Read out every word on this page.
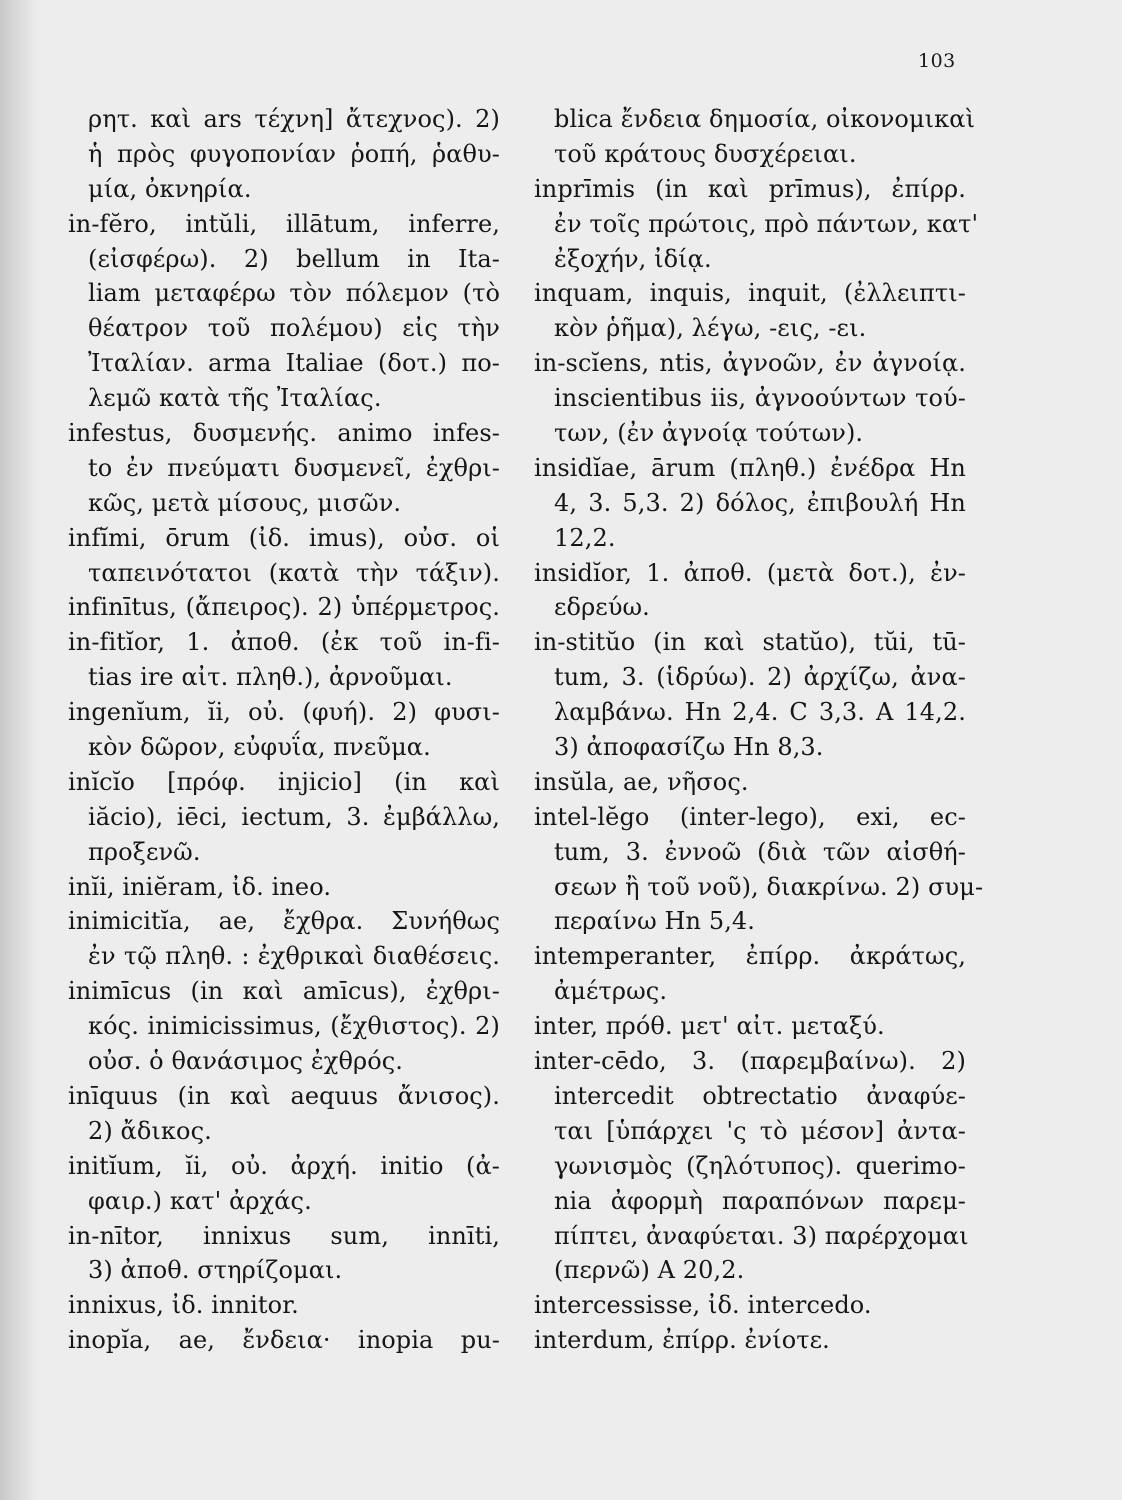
103
ρητ. καὶ ars τέχνη] ἄτεχνος). 2)
ἡ πρὸς φυγοπονίαν ῥοπή, ῥαθυ-
μία, ὀκνηρία.
in-fĕro, intŭli, illātum, inferre,
(εἰσφέρω). 2) bellum in Ita-
liam μεταφέρω τὸν πόλεμον (τὸ
θέατρον τοῦ πολέμου) εἰς τὴν
Ἰταλίαν. arma Italiae (δοτ.) πο-
λεμῶ κατὰ τῆς Ἰταλίας.
infestus, δυσμενής. animo infes-
to ἐν πνεύματι δυσμενεῖ, ἐχθρι-
κῶς, μετὰ μίσους, μισῶν.
infĭmi, ōrum (ἰδ. imus), οὐσ. οἱ
ταπεινότατοι (κατὰ τὴν τάξιν).
infinītus, (ἄπειρος). 2) ὑπέρμετρος.
in-fitĭor, 1. ἀποθ. (ἐκ τοῦ in-fi-
tias ire αἰτ. πληθ.), ἀρνοῦμαι.
ingenĭum, ĭi, οὐ. (φυή). 2) φυσι-
κὸν δῶρον, εὐφυΐα, πνεῦμα.
inĭcĭo [πρόφ. injicio] (in καὶ
iăcio), iēci, iectum, 3. ἐμβάλλω,
προξενῶ.
inĭi, iniĕram, ἰδ. ineo.
inimicitĭa, ae, ἔχθρα. Συνήθως
ἐν τῷ πληθ. : ἐχθρικαὶ διαθέσεις.
inimīcus (in καὶ amīcus), ἐχθρι-
κός. inimicissimus, (ἔχθιστος). 2)
οὐσ. ὁ θανάσιμος ἐχθρός.
inīquus (in καὶ aequus ἄνισος).
2) ἄδικος.
initĭum, ĭi, οὐ. ἀρχή. initio (ἀ-
φαιρ.) κατ' ἀρχάς.
in-nītor, innixus sum, innīti,
3) ἀποθ. στηρίζομαι.
innixus, ἰδ. innitor.
inopĭa, ae, ἔνδεια· inopia pu-
blica ἔνδεια δημοσία, οἰκονομικαὶ
τοῦ κράτους δυσχέρειαι.
inprīmis (in καὶ prīmus), ἐπίρρ.
ἐν τοῖς πρώτοις, πρὸ πάντων, κατ'
ἐξοχήν, ἰδίᾳ.
inquam, inquis, inquit, (ἐλλειπτι-
κὸν ῥῆμα), λέγω, -εις, -ει.
in-scĭens, ntis, ἀγνοῶν, ἐν ἀγνοίᾳ.
inscientibus iis, ἀγνοούντων τού-
των, (ἐν ἀγνοίᾳ τούτων).
insidĭae, ārum (πληθ.) ἐνέδρα Hn
4, 3. 5,3. 2) δόλος, ἐπιβουλή Hn
12,2.
insidĭor, 1. ἀποθ. (μετὰ δοτ.), ἐν-
εδρεύω.
in-stitŭo (in καὶ statŭo), tŭi, tū-
tum, 3. (ἱδρύω). 2) ἀρχίζω, ἀνα-
λαμβάνω. Hn 2,4. C 3,3. A 14,2.
3) ἀποφασίζω Hn 8,3.
insŭla, ae, νῆσος.
intel-lĕgo (inter-lego), exi, ec-
tum, 3. ἐννοῶ (διὰ τῶν αἰσθή-
σεων ἢ τοῦ νοῦ), διακρίνω. 2) συμ-
περαίνω Hn 5,4.
intemperanter, ἐπίρρ. ἀκράτως,
ἀμέτρως.
inter, πρόθ. μετ' αἰτ. μεταξύ.
inter-cēdo, 3. (παρεμβαίνω). 2)
intercedit obtrectatio ἀναφύε-
ται [ὑπάρχει 'ς τὸ μέσον] ἀντα-
γωνισμὸς (ζηλότυπος). querimo-
nia ἀφορμὴ παραπόνων παρεμ-
πίπτει, ἀναφύεται. 3) παρέρχομαι
(περνῶ) A 20,2.
intercessisse, ἰδ. intercedo.
interdum, ἐπίρρ. ἐνίοτε.
